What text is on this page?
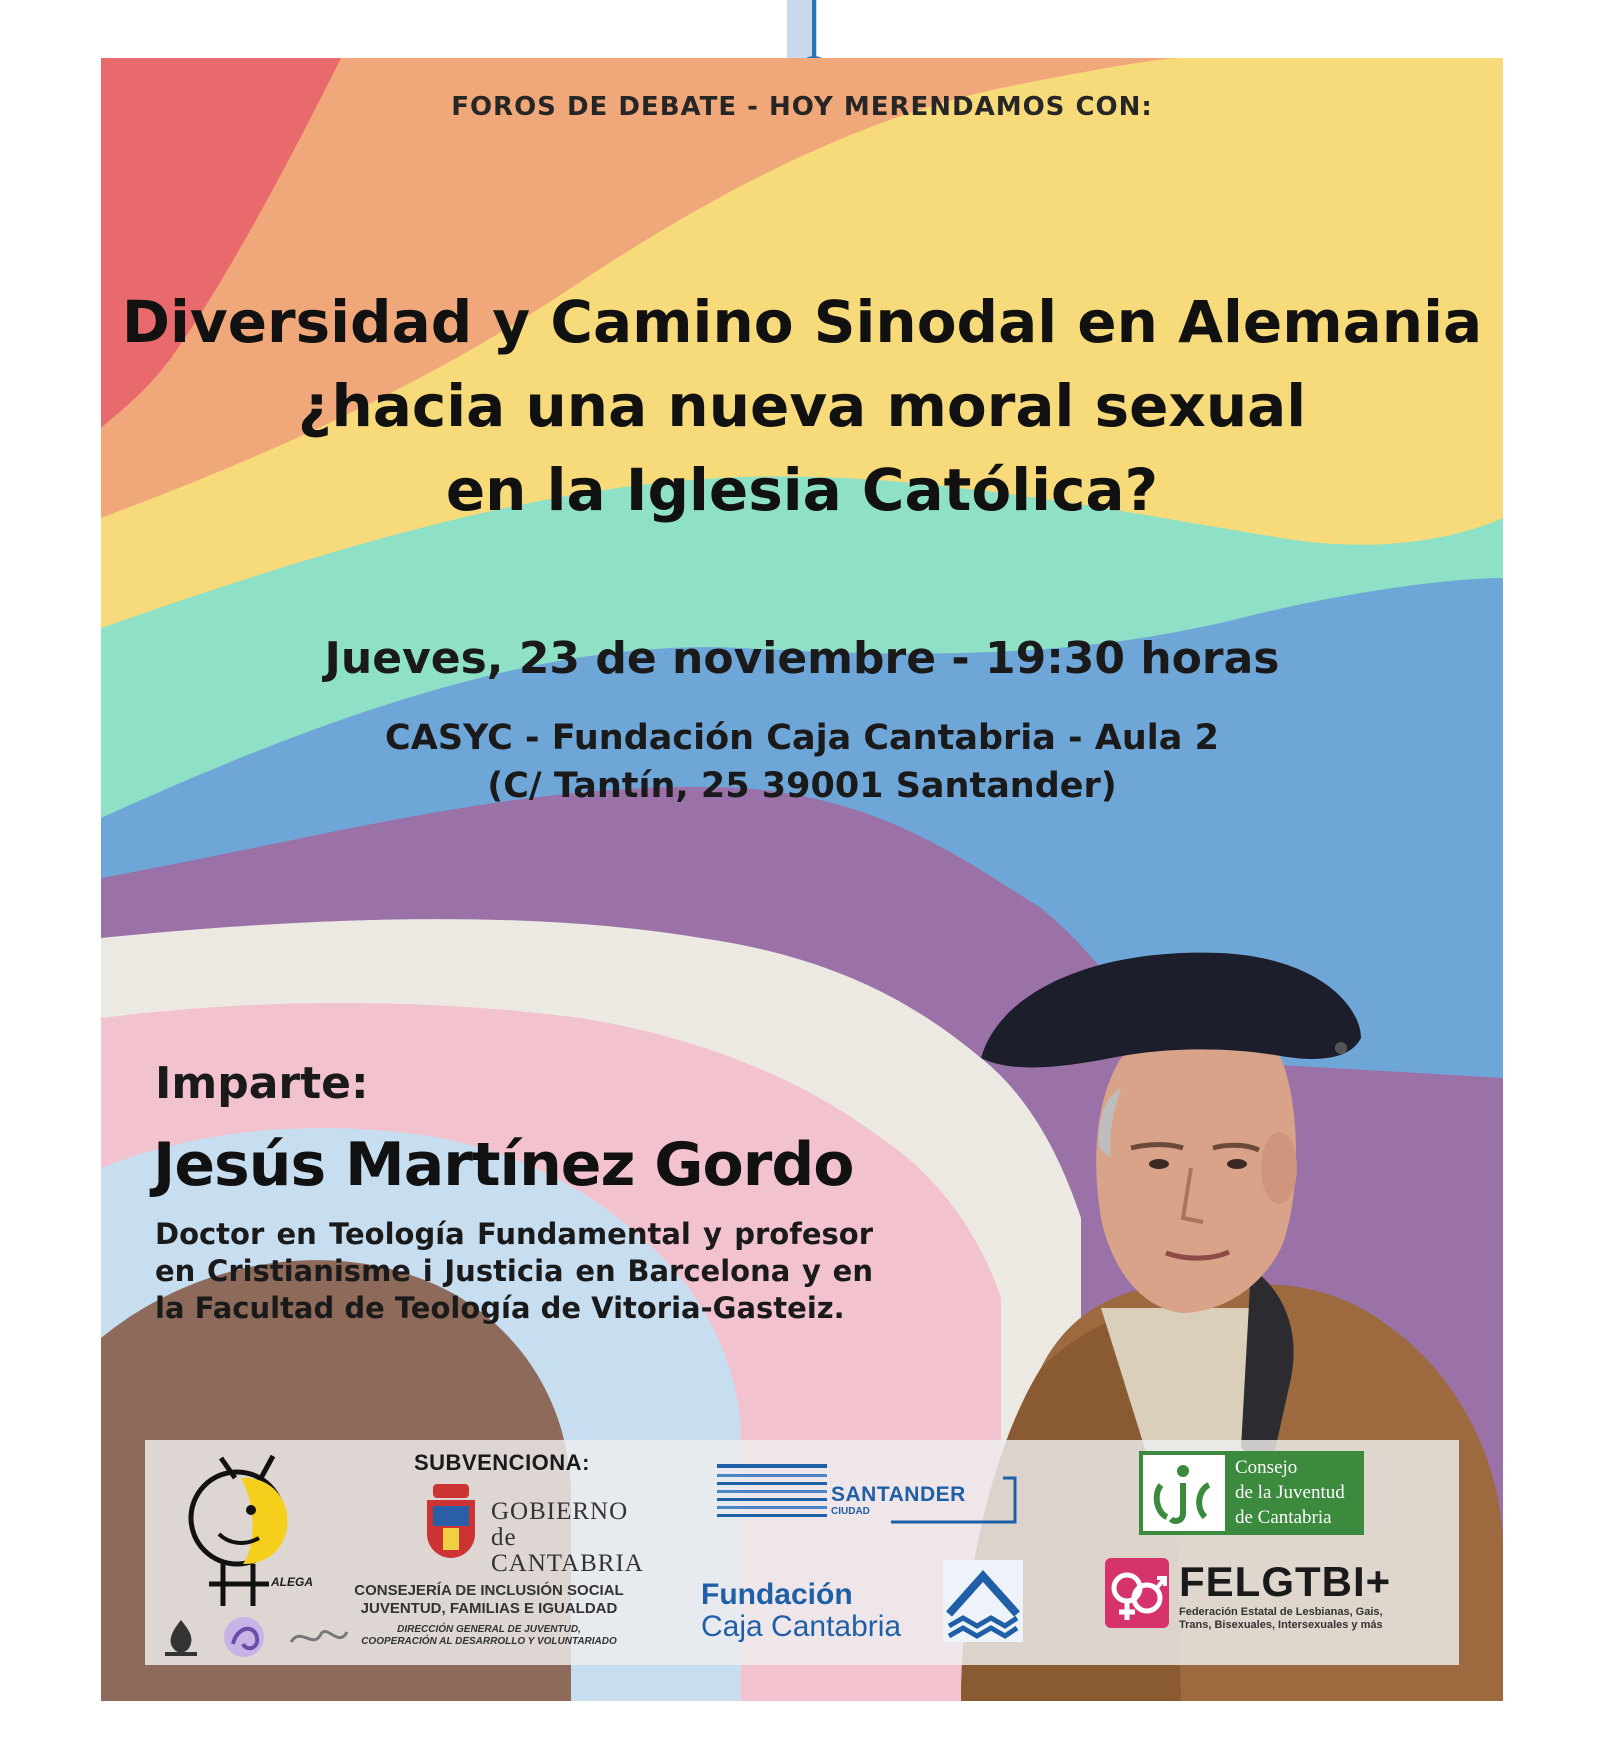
FOROS DE DEBATE - HOY MERENDAMOS CON:

Diversidad y Camino Sinodal en Alemania
¿hacia una nueva moral sexual
en la Iglesia Católica?

Jueves, 23 de noviembre - 19:30 horas

CASYC - Fundación Caja Cantabria - Aula 2
(C/ Tantín, 25 39001 Santander)

Imparte:

Jesús Martínez Gordo

Doctor en Teología Fundamental y profesor en Cristianisme i Justicia en Barcelona y en la Facultad de Teología de Vitoria-Gasteiz.

ALEGA

SUBVENCIONA:

GOBIERNO

de

CANTABRIA

CONSEJERÍA DE INCLUSIÓN SOCIAL

JUVENTUD, FAMILIAS E IGUALDAD

DIRECCIÓN GENERAL DE JUVENTUD,

COOPERACIÓN AL DESARROLLO Y VOLUNTARIADO

SANTANDER

CIUDAD

Fundación

Caja Cantabria

Consejo
de la Juventud
de Cantabria

FELGTBI+

Federación Estatal de Lesbianas, Gais, Trans, Bisexuales, Intersexuales y más
